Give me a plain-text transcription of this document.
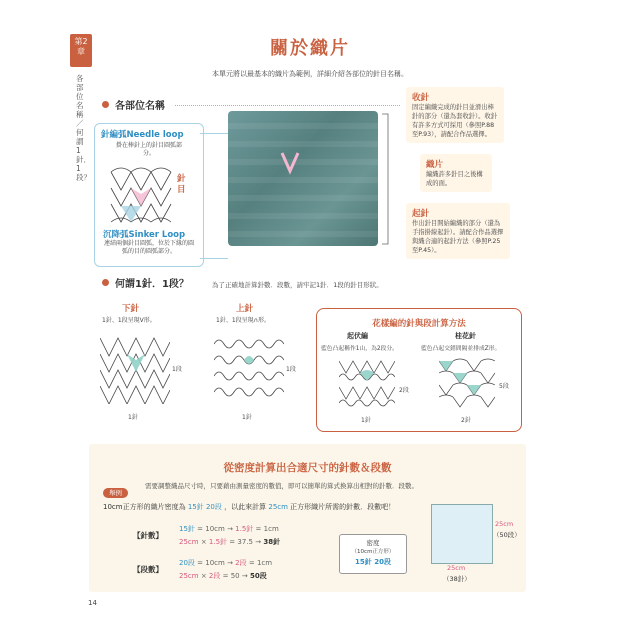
第2
章
各部位名稱／何謂1針．1段？
關於織片
本單元將以最基本的織片為範例，詳細介紹各部位的針目名稱。
各部位名稱
針編弧Needle loop
掛在棒針上的針目圓弧部分。
針目
沉降弧Sinker Loop
連結兩個針目圓弧，位於下緣的圓弧的目的圓弧部分。
收針
固定編織完成的針目並滑出棒針的部分（還為套收針）。收針有許多方式可採用（參照P.88至P.93），請配合作品選擇。
織片
編織許多針目之後構成的面。
起針
作出針目開始編織的部分（還為手指掛線起針）。請配合作品選擇與織合適的起針方法（參照P.25至P.45）。
何謂1針．1段？	為了正確地計算針數．段數，請牢記1針．1段的針目形狀。
下針
1針、1段呈現V形。
1段
1針
上針
1針、1段呈現∩形。
1段
1針
花樣編的針與段計算方法
起伏編
藍色凸起稱作1山，為2段分。
2段
1針
桂花針
藍色凸起交錯間隔並排成Z形。
5段
2針
從密度計算出合適尺寸的針數＆段數
舉例
需要調整織品尺寸時，只要藉由測量密度的數值，即可以簡單的算式換算出相對的針數．段數。
10cm正方形的織片密度為 15針 20段 ，以此來計算 25cm 正方形織片所需的針數．段數吧！
【針數】
15針 = 10cm → 1.5針 = 1cm
25cm × 1.5針 = 37.5 → 38針
【段數】
20段 = 10cm → 2段 = 1cm
25cm × 2段 = 50 → 50段
密度
（10cm正方形）
15針 20段
25cm
（50段）
25cm
（38針）
14
